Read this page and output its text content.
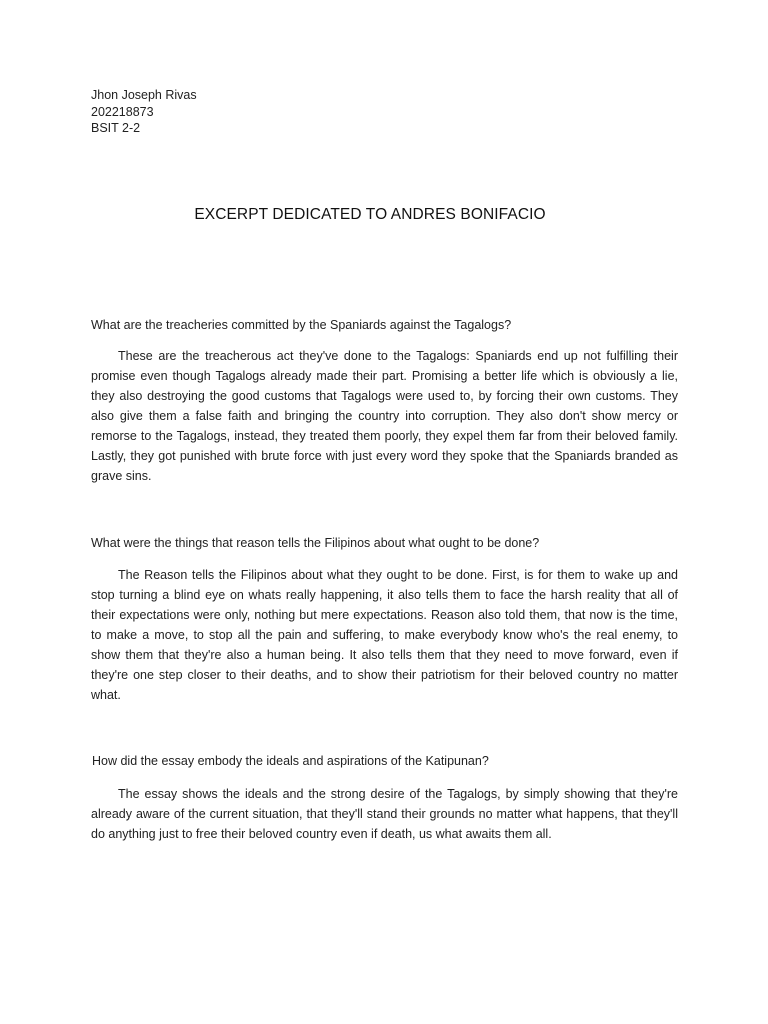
Jhon Joseph Rivas
202218873
BSIT 2-2
EXCERPT DEDICATED TO ANDRES BONIFACIO
What are the treacheries committed by the Spaniards against the Tagalogs?

These are the treacherous act they've done to the Tagalogs: Spaniards end up not fulfilling their promise even though Tagalogs already made their part. Promising a better life which is obviously a lie, they also destroying the good customs that Tagalogs were used to, by forcing their own customs. They also give them a false faith and bringing the country into corruption. They also don't show mercy or remorse to the Tagalogs, instead, they treated them poorly, they expel them far from their beloved family. Lastly, they got punished with brute force with just every word they spoke that the Spaniards branded as grave sins.

What were the things that reason tells the Filipinos about what ought to be done?

The Reason tells the Filipinos about what they ought to be done. First, is for them to wake up and stop turning a blind eye on whats really happening, it also tells them to face the harsh reality that all of their expectations were only, nothing but mere expectations. Reason also told them, that now is the time, to make a move, to stop all the pain and suffering, to make everybody know who's the real enemy, to show them that they're also a human being. It also tells them that they need to move forward, even if they're one step closer to their deaths, and to show their patriotism for their beloved country no matter what.

How did the essay embody the ideals and aspirations of the Katipunan?

The essay shows the ideals and the strong desire of the Tagalogs, by simply showing that they're already aware of the current situation, that they'll stand their grounds no matter what happens, that they'll do anything just to free their beloved country even if death, us what awaits them all.
